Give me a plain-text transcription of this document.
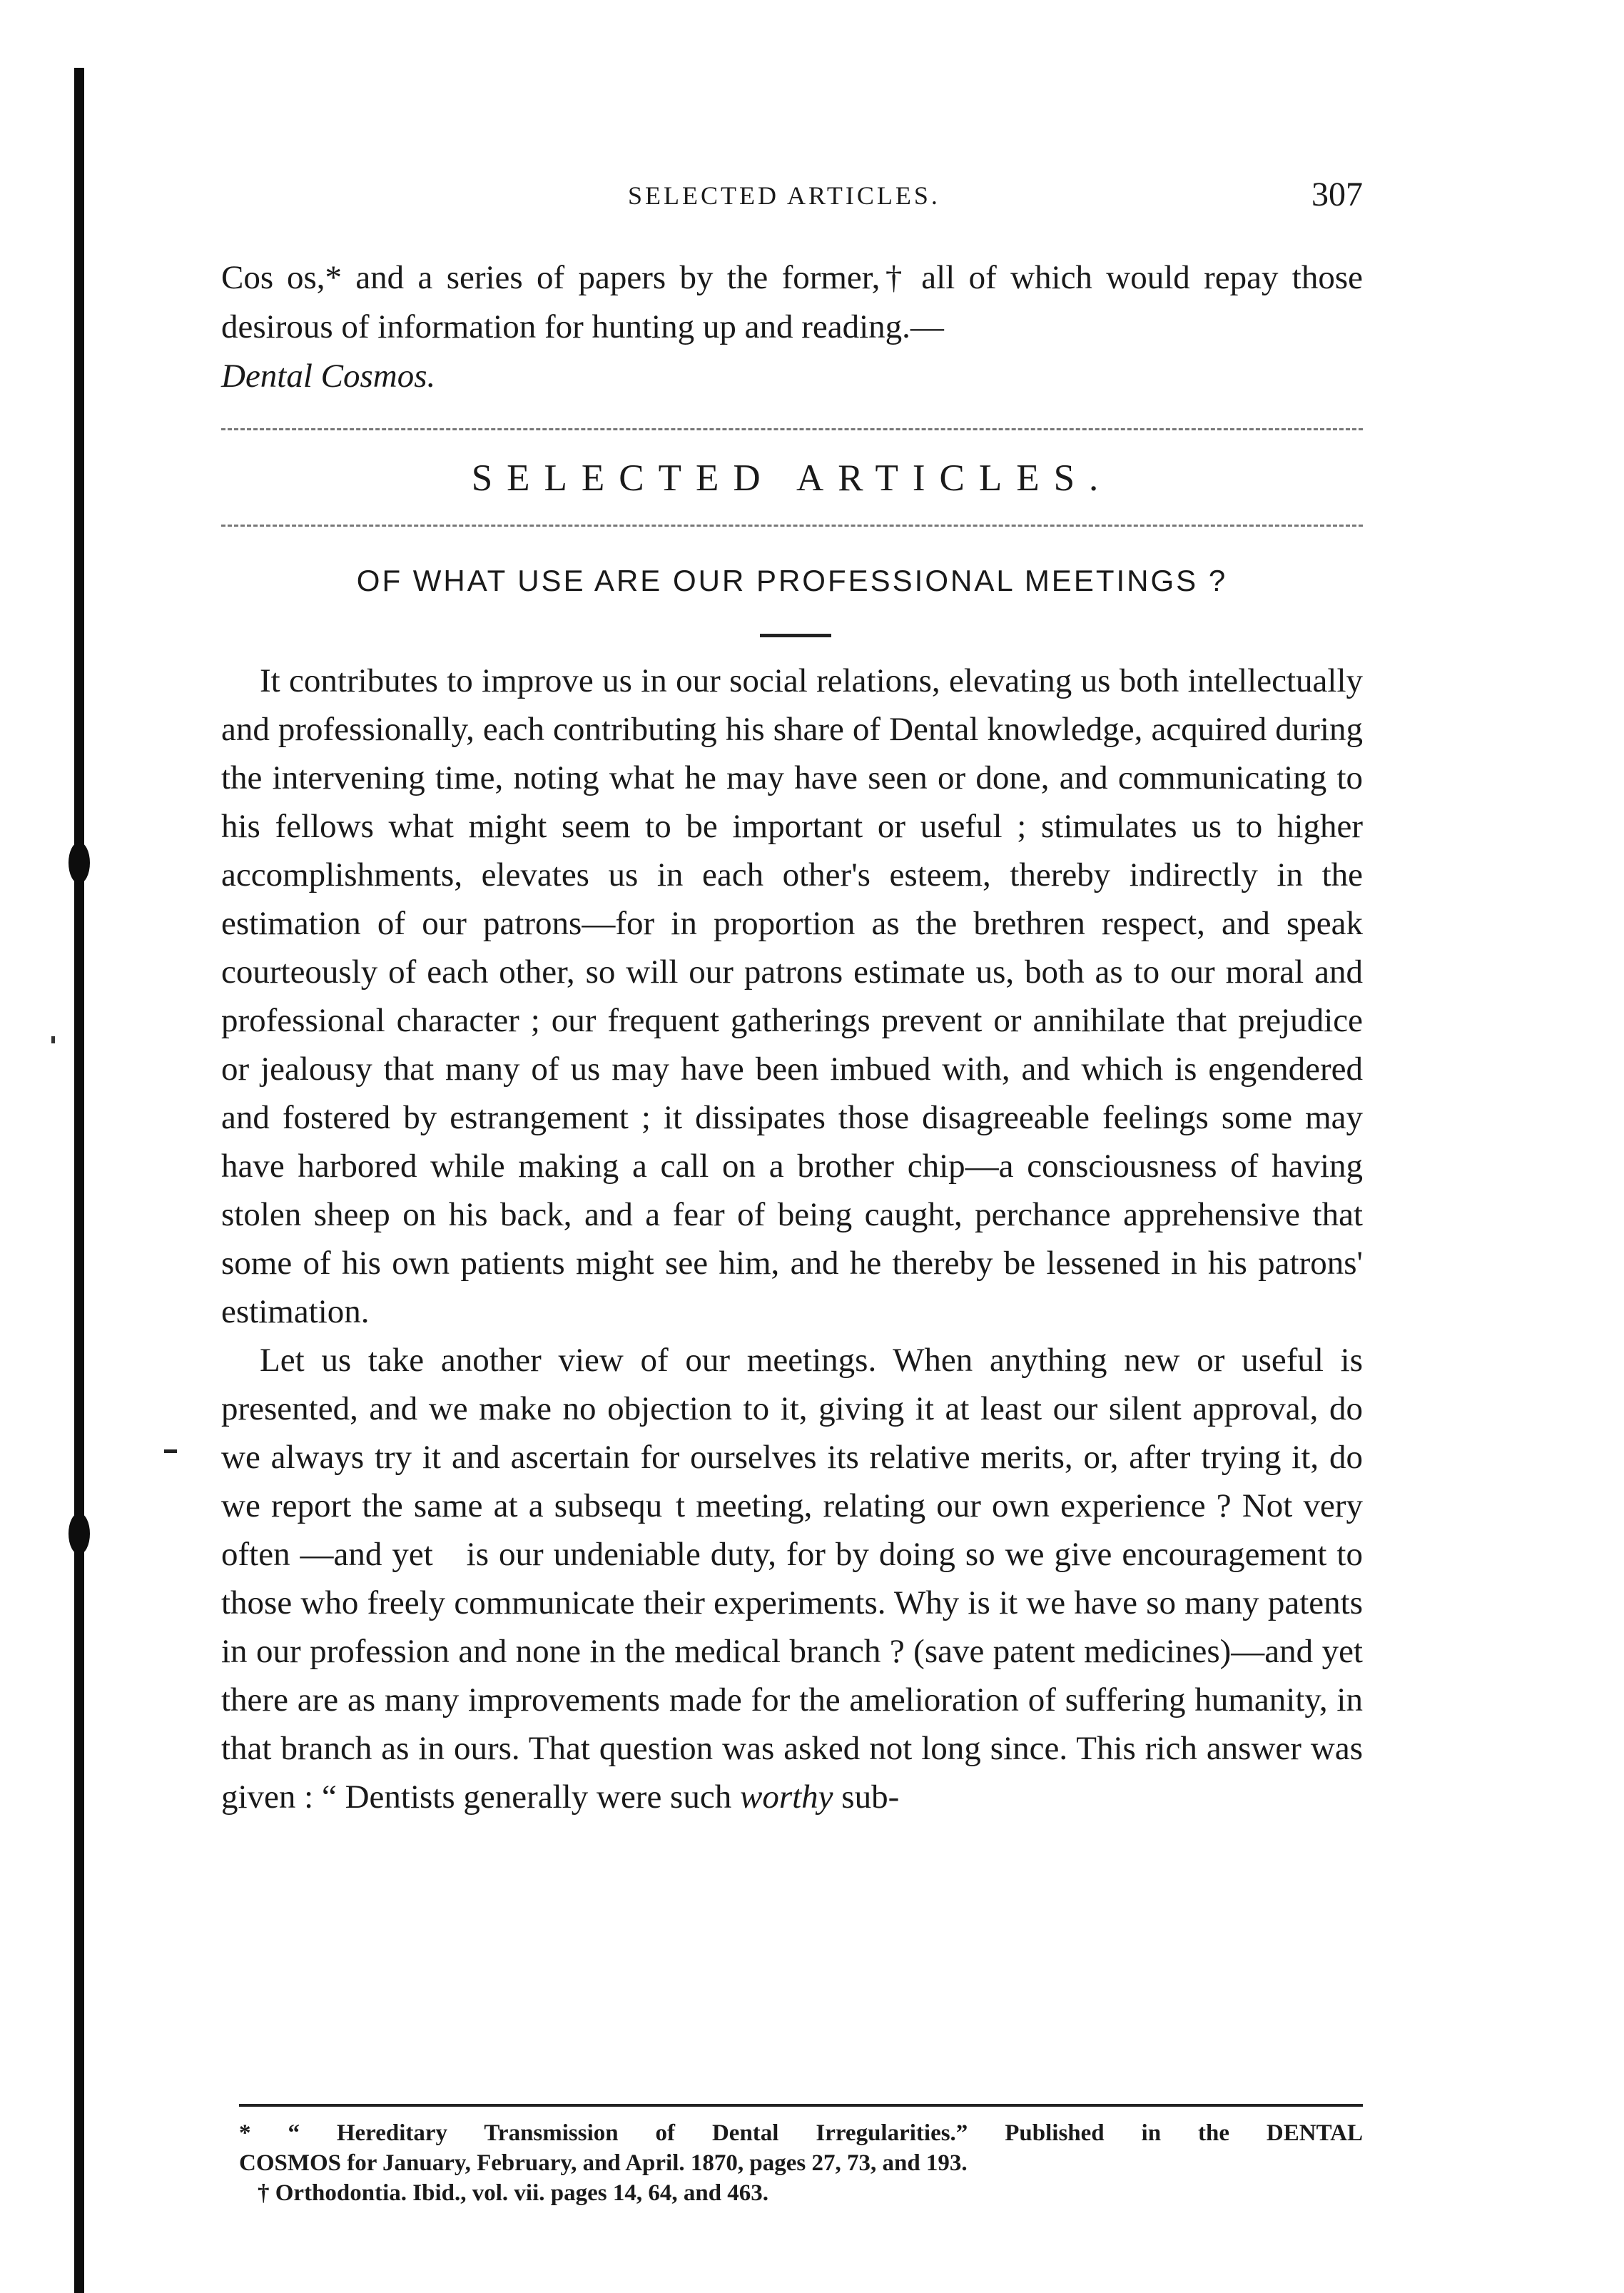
SELECTED ARTICLES.	307
Cos  os,* and a series of papers by the former,† all of which would repay those desirous of information for hunting up and reading.—
Dental Cosmos.
SELECTED ARTICLES.
OF WHAT USE ARE OUR PROFESSIONAL MEETINGS ?

It contributes to improve us in our social relations, elevating us both intellectually and professionally, each contributing his share of Dental knowledge, acquired during the intervening time, noting what he may have seen or done, and communicating to his fellows what might seem to be important or useful ; stimulates us to higher accomplishments, elevates us in each other's esteem, thereby indirectly in the estimation of our patrons—for in proportion as the brethren respect, and speak courteously of each other, so will our patrons estimate us, both as to our moral and professional character ; our frequent gatherings prevent or annihilate that prejudice or jealousy that many of us may have been imbued with, and which is engendered and fostered by estrangement ; it dissipates those disagreeable feelings some may have harbored while making a call on a brother chip—a consciousness of having stolen sheep on his back, and a fear of being caught, perchance apprehensive that some of his own patients might see him, and he thereby be lessened in his patrons' estimation.

Let us take another view of our meetings. When anything new or useful is presented, and we make no objection to it, giving it at least our silent approval, do we always try it and ascertain for ourselves its relative merits, or, after trying it, do we report the same at a subsequ  t meeting, relating our own experience ? Not very often —and yet    is our undeniable duty, for by doing so we give encouragement to those who freely communicate their experiments. Why is it we have so many patents in our profession and none in the medical branch ? (save patent medicines)—and yet there are as many improvements made for the amelioration of suffering humanity, in that branch as in ours. That question was asked not long since. This rich answer was given : “ Dentists generally were such worthy sub-

* “ Hereditary Transmission of Dental Irregularities.” Published in the DENTAL
COSMOS for January, February, and April. 1870, pages 27, 73, and 193.
† Orthodontia. Ibid., vol. vii. pages 14, 64, and 463.
